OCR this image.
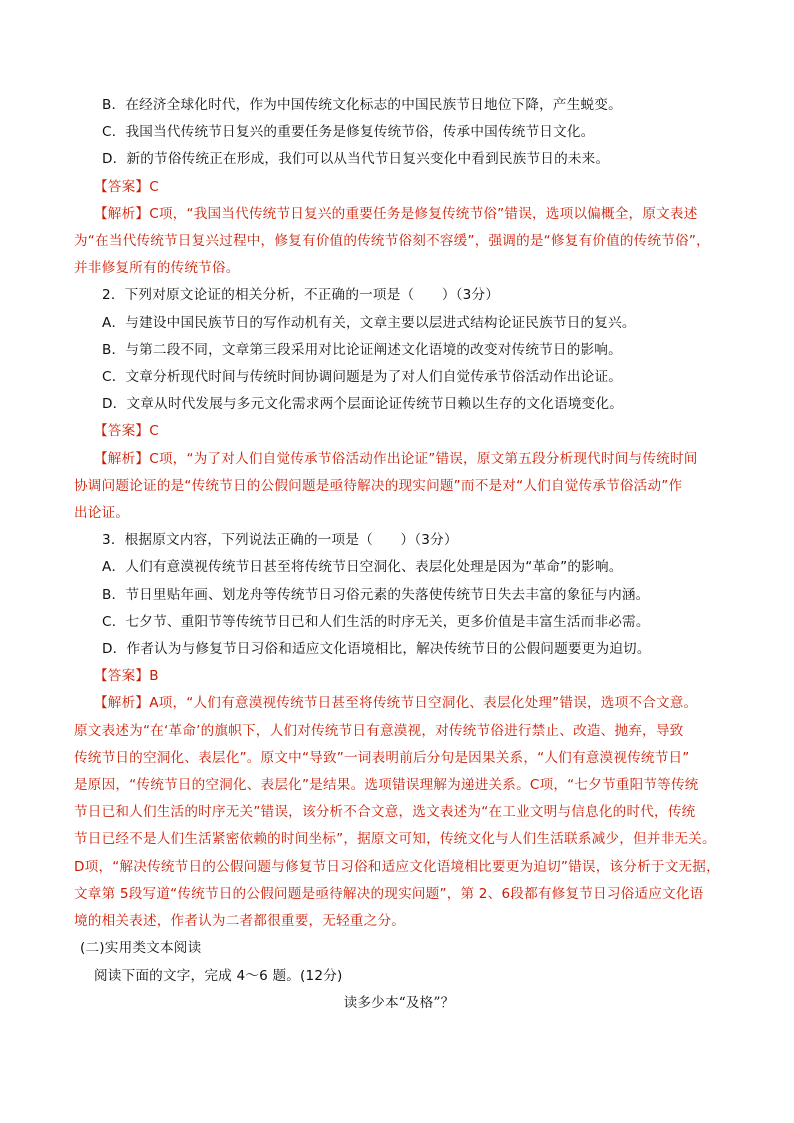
B．在经济全球化时代，作为中国传统文化标志的中国民族节日地位下降，产生蜕变。
C．我国当代传统节日复兴的重要任务是修复传统节俗，传承中国传统节日文化。
D．新的节俗传统正在形成，我们可以从当代节日复兴变化中看到民族节日的未来。
【答案】C
【解析】C项，“我国当代传统节日复兴的重要任务是修复传统节俗”错误，选项以偏概全，原文表述
为“在当代传统节日复兴过程中，修复有价值的传统节俗刻不容缓”，强调的是“修复有价值的传统节俗”，
并非修复所有的传统节俗。
2．下列对原文论证的相关分析，不正确的一项是（　　）（3分）
A．与建设中国民族节日的写作动机有关，文章主要以层进式结构论证民族节日的复兴。
B．与第二段不同，文章第三段采用对比论证阐述文化语境的改变对传统节日的影响。
C．文章分析现代时间与传统时间协调问题是为了对人们自觉传承节俗活动作出论证。
D．文章从时代发展与多元文化需求两个层面论证传统节日赖以生存的文化语境变化。
【答案】C
【解析】C项，“为了对人们自觉传承节俗活动作出论证”错误，原文第五段分析现代时间与传统时间
协调问题论证的是“传统节日的公假问题是亟待解决的现实问题”而不是对“人们自觉传承节俗活动”作
出论证。
3．根据原文内容，下列说法正确的一项是（　　）（3分）
A．人们有意漠视传统节日甚至将传统节日空洞化、表层化处理是因为“革命”的影响。
B．节日里贴年画、划龙舟等传统节日习俗元素的失落使传统节日失去丰富的象征与内涵。
C．七夕节、重阳节等传统节日已和人们生活的时序无关，更多价值是丰富生活而非必需。
D．作者认为与修复节日习俗和适应文化语境相比，解决传统节日的公假问题要更为迫切。
【答案】B
【解析】A项，“人们有意漠视传统节日甚至将传统节日空洞化、表层化处理”错误，选项不合文意。
原文表述为“在‘革命’的旗帜下，人们对传统节日有意漠视，对传统节俗进行禁止、改造、抛弃，导致
传统节日的空洞化、表层化”。原文中“导致”一词表明前后分句是因果关系，“人们有意漠视传统节日”
是原因，“传统节日的空洞化、表层化”是结果。选项错误理解为递进关系。C项，“七夕节重阳节等传统
节日已和人们生活的时序无关”错误，该分析不合文意，选文表述为“在工业文明与信息化的时代，传统
节日已经不是人们生活紧密依赖的时间坐标”，据原文可知，传统文化与人们生活联系减少，但并非无关。
D项，“解决传统节日的公假问题与修复节日习俗和适应文化语境相比要更为迫切”错误，该分析于文无据，
文章第 5段写道“传统节日的公假问题是亟待解决的现实问题”，第 2、6段都有修复节日习俗适应文化语
境的相关表述，作者认为二者都很重要，无轻重之分。
(二)实用类文本阅读
阅读下面的文字，完成 4～6 题。(12分)
读多少本“及格”？
